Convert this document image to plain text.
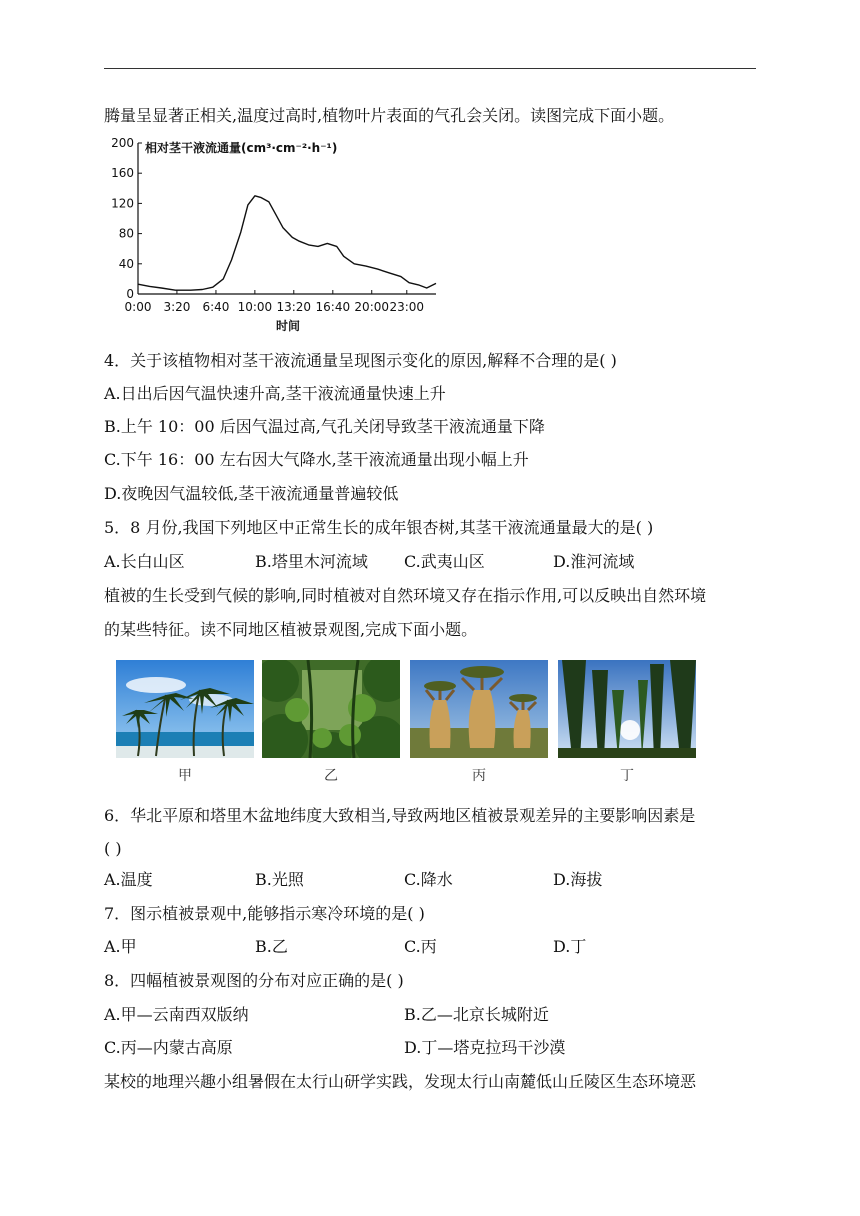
腾量呈显著正相关,温度过高时,植物叶片表面的气孔会关闭。读图完成下面小题。
0
40
80
120
160
200
0:00 3:20 6:40 10:00 13:20 16:40 20:00 23:00
相对茎干液流通量(cm³·cm⁻²·h⁻¹)
时间
4．关于该植物相对茎干液流通量呈现图示变化的原因,解释不合理的是( )
A.日出后因气温快速升高,茎干液流通量快速上升
B.上午 10：00 后因气温过高,气孔关闭导致茎干液流通量下降
C.下午 16：00 左右因大气降水,茎干液流通量出现小幅上升
D.夜晚因气温较低,茎干液流通量普遍较低
5．8 月份,我国下列地区中正常生长的成年银杏树,其茎干液流通量最大的是( )
A.长白山区	B.塔里木河流域 C.武夷山区	D.淮河流域
植被的生长受到气候的影响,同时植被对自然环境又存在指示作用,可以反映出自然环境
的某些特征。读不同地区植被景观图,完成下面小题。
甲	乙	丙	丁
6．华北平原和塔里木盆地纬度大致相当,导致两地区植被景观差异的主要影响因素是
( )
A.温度	B.光照	C.降水	D.海拔
7．图示植被景观中,能够指示寒冷环境的是( )
A.甲	B.乙	C.丙	D.丁
8．四幅植被景观图的分布对应正确的是( )
A.甲—云南西双版纳	B.乙—北京长城附近
C.丙—内蒙古高原	D.丁—塔克拉玛干沙漠
某校的地理兴趣小组暑假在太行山研学实践，发现太行山南麓低山丘陵区生态环境恶
